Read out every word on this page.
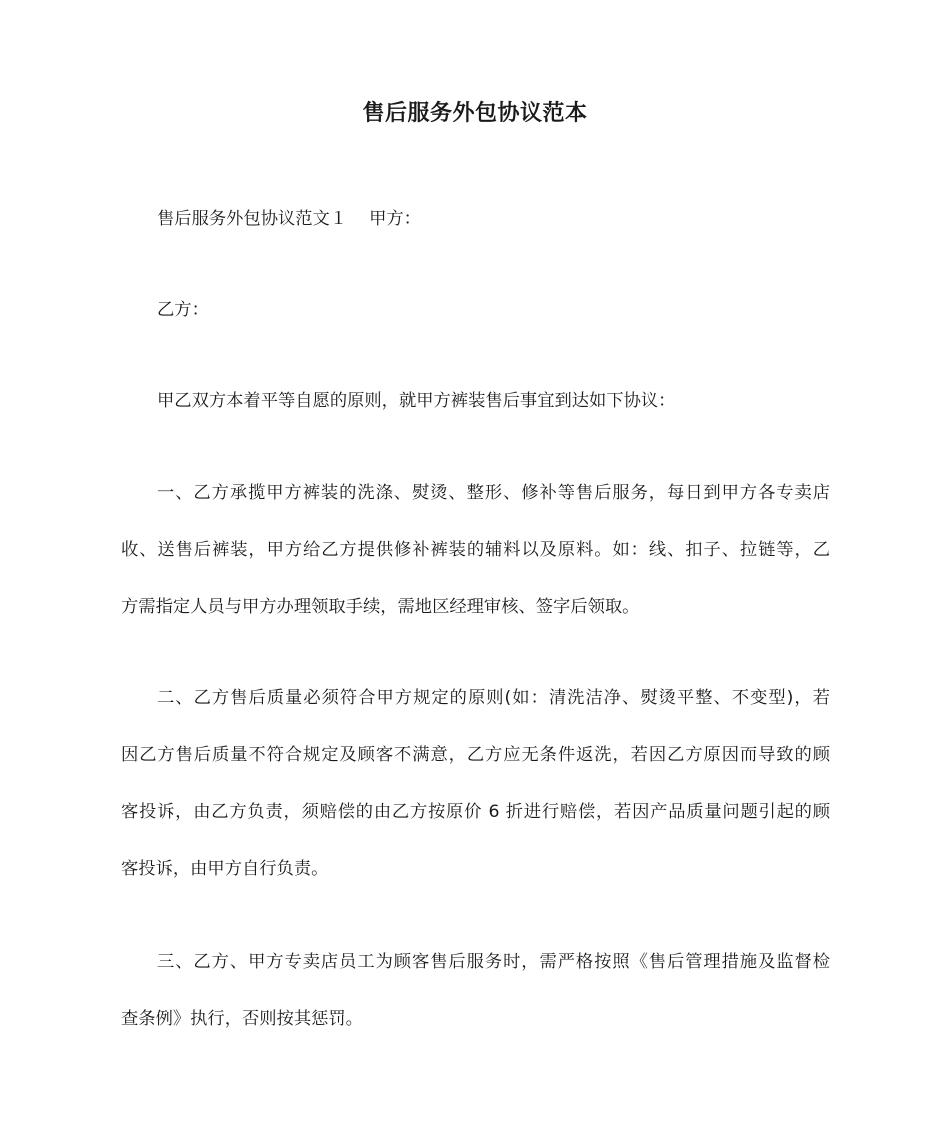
售后服务外包协议范本
售后服务外包协议范文１ 甲方：
乙方：
甲乙双方本着平等自愿的原则，就甲方裤装售后事宜到达如下协议：
一、乙方承揽甲方裤装的洗涤、熨烫、整形、修补等售后服务，每日到甲方各专卖店
收、送售后裤装，甲方给乙方提供修补裤装的辅料以及原料。如：线、扣子、拉链等，乙
方需指定人员与甲方办理领取手续，需地区经理审核、签字后领取。
二、乙方售后质量必须符合甲方规定的原则(如：清洗洁净、熨烫平整、不变型)，若
因乙方售后质量不符合规定及顾客不满意，乙方应无条件返洗，若因乙方原因而导致的顾
客投诉，由乙方负责，须赔偿的由乙方按原价 6 折进行赔偿，若因产品质量问题引起的顾
客投诉，由甲方自行负责。
三、乙方、甲方专卖店员工为顾客售后服务时，需严格按照《售后管理措施及监督检
查条例》执行，否则按其惩罚。
